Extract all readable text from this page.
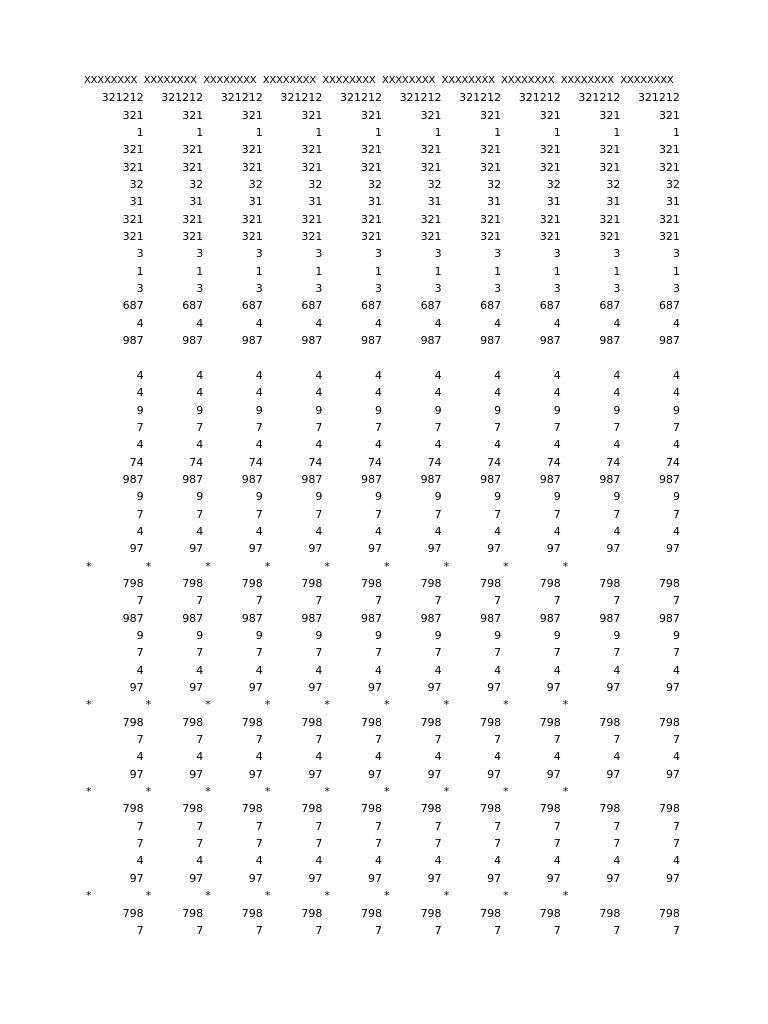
XXXXXXXX XXXXXXXX XXXXXXXX XXXXXXXX XXXXXXXX XXXXXXXX XXXXXXXX XXXXXXXX XXXXXXXX XXXXXXXX
321212	321212	321212	321212	321212	321212	321212	321212	321212	321212
321	321	321	321	321	321	321	321	321	321
1	1	1	1	1	1	1	1	1	1
321	321	321	321	321	321	321	321	321	321
321	321	321	321	321	321	321	321	321	321
32	32	32	32	32	32	32	32	32	32
31	31	31	31	31	31	31	31	31	31
321	321	321	321	321	321	321	321	321	321
321	321	321	321	321	321	321	321	321	321
3	3	3	3	3	3	3	3	3	3
1	1	1	1	1	1	1	1	1	1
3	3	3	3	3	3	3	3	3	3
687	687	687	687	687	687	687	687	687	687
4	4	4	4	4	4	4	4	4	4
987	987	987	987	987	987	987	987	987	987
4	4	4	4	4	4	4	4	4	4
4	4	4	4	4	4	4	4	4	4
9	9	9	9	9	9	9	9	9	9
7	7	7	7	7	7	7	7	7	7
4	4	4	4	4	4	4	4	4	4
74	74	74	74	74	74	74	74	74	74
987	987	987	987	987	987	987	987	987	987
9	9	9	9	9	9	9	9	9	9
7	7	7	7	7	7	7	7	7	7
4	4	4	4	4	4	4	4	4	4
97	97	97	97	97	97	97	97	97	97
*	*	*	*	*	*	*	*	*
798	798	798	798	798	798	798	798	798	798
7	7	7	7	7	7	7	7	7	7
987	987	987	987	987	987	987	987	987	987
9	9	9	9	9	9	9	9	9	9
7	7	7	7	7	7	7	7	7	7
4	4	4	4	4	4	4	4	4	4
97	97	97	97	97	97	97	97	97	97
*	*	*	*	*	*	*	*	*
798	798	798	798	798	798	798	798	798	798
7	7	7	7	7	7	7	7	7	7
4	4	4	4	4	4	4	4	4	4
97	97	97	97	97	97	97	97	97	97
*	*	*	*	*	*	*	*	*
798	798	798	798	798	798	798	798	798	798
7	7	7	7	7	7	7	7	7	7
7	7	7	7	7	7	7	7	7	7
4	4	4	4	4	4	4	4	4	4
97	97	97	97	97	97	97	97	97	97
*	*	*	*	*	*	*	*	*
798	798	798	798	798	798	798	798	798	798
7	7	7	7	7	7	7	7	7	7
